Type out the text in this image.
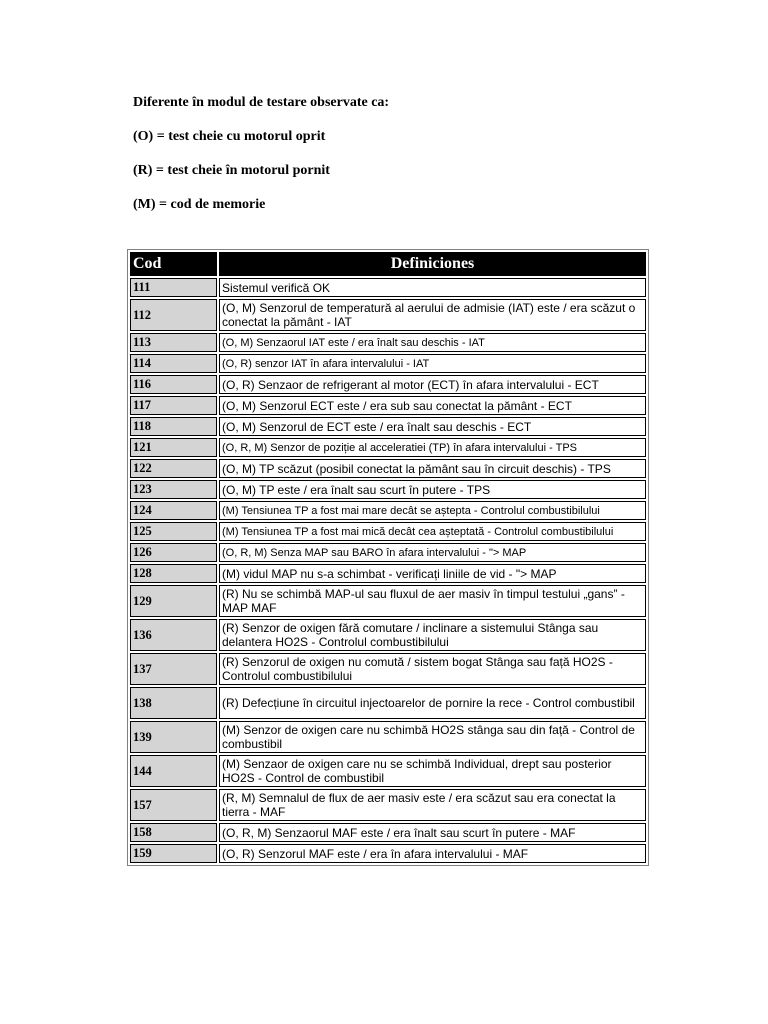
Diferente în modul de testare observate ca:

(O) = test cheie cu motorul oprit

(R) = test cheie în motorul pornit

(M) = cod de memorie

Cod	Definiciones
111	Sistemul verifică OK
112	(O, M) Senzorul de temperatură al aerului de admisie (IAT) este / era scăzut o conectat la pământ - IAT
113	(O, M) Senzaorul IAT este / era înalt sau deschis - IAT
114	(O, R) senzor IAT în afara intervalului - IAT
116	(O, R) Senzaor de refrigerant al motor (ECT) în afara intervalului - ECT
117	(O, M) Senzorul ECT este / era sub sau conectat la pământ - ECT
118	(O, M) Senzorul de ECT este / era înalt sau deschis - ECT
121	(O, R, M) Senzor de poziție al acceleratiei (TP) în afara intervalului - TPS
122	(O, M) TP scăzut (posibil conectat la pământ sau în circuit deschis) - TPS
123	(O, M) TP este / era înalt sau scurt în putere - TPS
124	(M) Tensiunea TP a fost mai mare decât se aștepta - Controlul combustibilului
125	(M) Tensiunea TP a fost mai mică decât cea așteptată - Controlul combustibilului
126	(O, R, M) Senza MAP sau BARO în afara intervalului - "> MAP
128	(M) vidul MAP nu s-a schimbat - verificați liniile de vid - "> MAP
129	(R) Nu se schimbă MAP-ul sau fluxul de aer masiv în timpul testului „gans” - MAP MAF
136	(R) Senzor de oxigen fără comutare / inclinare a sistemului Stânga sau delantera HO2S - Controlul combustibilului
137	(R) Senzorul de oxigen nu comută / sistem bogat Stânga sau față HO2S - Controlul combustibilului
138	(R) Defecțiune în circuitul injectoarelor de pornire la rece - Control combustibil
139	(M) Senzor de oxigen care nu schimbă HO2S stânga sau din față - Control de combustibil
144	(M) Senzaor de oxigen care nu se schimbă Individual, drept sau posterior HO2S - Control de combustibil
157	(R, M) Semnalul de flux de aer masiv este / era scăzut sau era conectat la tierra - MAF
158	(O, R, M) Senzaorul MAF este / era înalt sau scurt în putere - MAF
159	(O, R) Senzorul MAF este / era în afara intervalului - MAF
